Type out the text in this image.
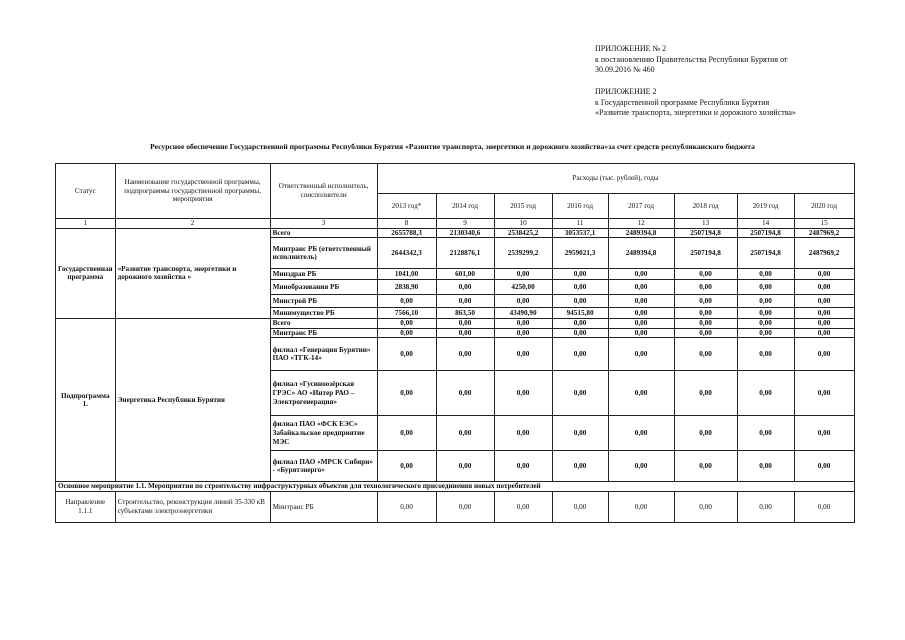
ПРИЛОЖЕНИЕ № 2
к постановлению Правительства Республики Бурятия от
30.09.2016 № 460
ПРИЛОЖЕНИЕ 2
к Государственной программе Республики Бурятия
«Развитие транспорта, энергетики и дорожного хозяйства»
Ресурсное обеспечение Государственной программы Республики Бурятия «Развитие транспорта, энергетики и дорожного хозяйства»за счет средств республиканского бюджета
Статус	Наименование государственной программы, подпрограммы государственной программы, мероприятия	Ответственный исполнитель, соисполнители	Расходы (тыс. рублей), годы							
			2013 год*	2014 год	2015 год	2016 год	2017 год	2018 год	2019 год	2020 год
1	2	3	8	9	10	11	12	13	14	15
Государственная программа	«Развитие транспорта, энергетики и дорожного хозяйства »	Всего	2655788,3	2130340,6	2538425,2	3053537,1	2489394,8	2507194,8	2507194,8	2487969,2
		Минтранс РБ (ответственный исполнитель)	2644342,3	2128876,1	2539299,2	2959021,3	2489394,8	2507194,8	2507194,8	2487969,2
		Минздрав РБ	1041,00	601,00	0,00	0,00	0,00	0,00	0,00	0,00
		Минобразования РБ	2838,90	0,00	4250,00	0,00	0,00	0,00	0,00	0,00
		Минстрой РБ	0,00	0,00	0,00	0,00	0,00	0,00	0,00	0,00
		Минимущество РБ	7566,10	863,50	43490,90	94515,80	0,00	0,00	0,00	0,00
Подпрограмма 1.	Энергетика Республики Бурятия	Всего	0,00	0,00	0,00	0,00	0,00	0,00	0,00	0,00
		Минтранс РБ	0,00	0,00	0,00	0,00	0,00	0,00	0,00	0,00
		филиал «Генерация Бурятии» ПАО «ТГК-14»	0,00	0,00	0,00	0,00	0,00	0,00	0,00	0,00
		филиал «Гусиноозёрская ГРЭС» АО «Интер РАО – Электрогенерация»	0,00	0,00	0,00	0,00	0,00	0,00	0,00	0,00
		филиал ПАО «ФСК ЕЭС» Забайкальское предприятие МЭС	0,00	0,00	0,00	0,00	0,00	0,00	0,00	0,00
		филиал ПАО «МРСК Сибири» - «Бурятэнерго»	0,00	0,00	0,00	0,00	0,00	0,00	0,00	0,00
Основное мероприятие 1.1. Мероприятия по строительству инфраструктурных объектов для технологического присоединения новых потребителей										
Направление 1.1.1	Строительство, реконструкция линий 35-330 кВ субъектами электроэнергетики	Минтранс РБ	0,00	0,00	0,00	0,00	0,00	0,00	0,00	0,00
